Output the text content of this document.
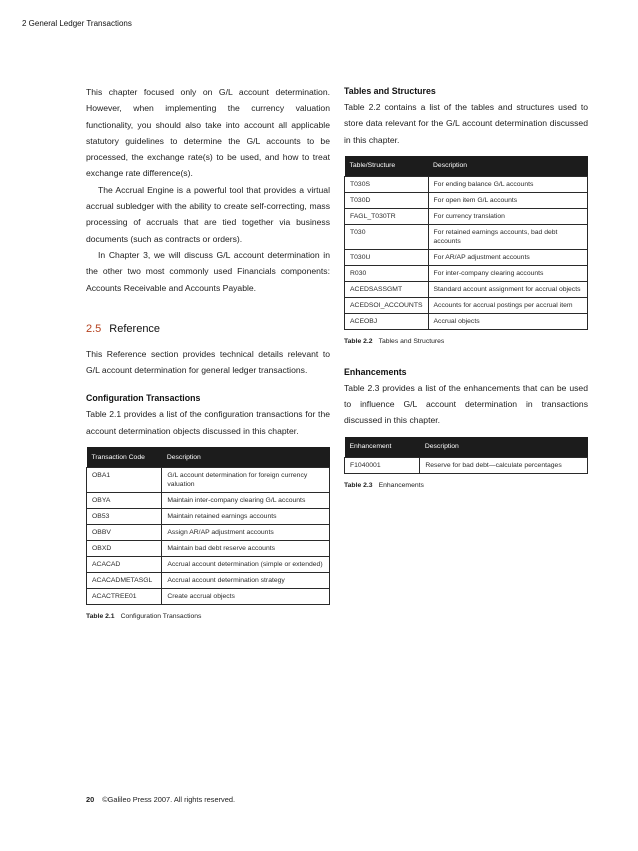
2 General Ledger Transactions

This chapter focused only on G/L account determination. However, when implementing the currency valuation functionality, you should also take into account all applicable statutory guidelines to determine the G/L accounts to be processed, the exchange rate(s) to be used, and how to treat exchange rate difference(s).

The Accrual Engine is a powerful tool that provides a virtual accrual subledger with the ability to create self-correcting, mass processing of accruals that are tied together via business documents (such as contracts or orders).

In Chapter 3, we will discuss G/L account determination in the other two most commonly used Financials components: Accounts Receivable and Accounts Payable.

2.5 Reference

This Reference section provides technical details relevant to G/L account determination for general ledger transactions.

Configuration Transactions

Table 2.1 provides a list of the configuration transactions for the account determination objects discussed in this chapter.

Transaction Code	Description
OBA1	G/L account determination for foreign currency valuation
OBYA	Maintain inter-company clearing G/L accounts
OB53	Maintain retained earnings accounts
OBBV	Assign AR/AP adjustment accounts
OBXD	Maintain bad debt reserve accounts
ACACAD	Accrual account determination (simple or extended)
ACACADMETASGL	Accrual account determination strategy
ACACTREE01	Create accrual objects
Table 2.1 Configuration Transactions
Tables and Structures

Table 2.2 contains a list of the tables and structures used to store data relevant for the G/L account determination discussed in this chapter.

Table/Structure	Description
T030S	For ending balance G/L accounts
T030D	For open item G/L accounts
FAGL_T030TR	For currency translation
T030	For retained earnings accounts, bad debt accounts
T030U	For AR/AP adjustment accounts
R030	For inter-company clearing accounts
ACEDSASSGMT	Standard account assignment for accrual objects
ACEDSOI_ACCOUNTS	Accounts for accrual postings per accrual item
ACEOBJ	Accrual objects
Table 2.2 Tables and Structures
Enhancements

Table 2.3 provides a list of the enhancements that can be used to influence G/L account determination in transactions discussed in this chapter.

Enhancement	Description
F1040001	Reserve for bad debt—calculate percentages
Table 2.3 Enhancements
20 ©Galileo Press 2007. All rights reserved.
